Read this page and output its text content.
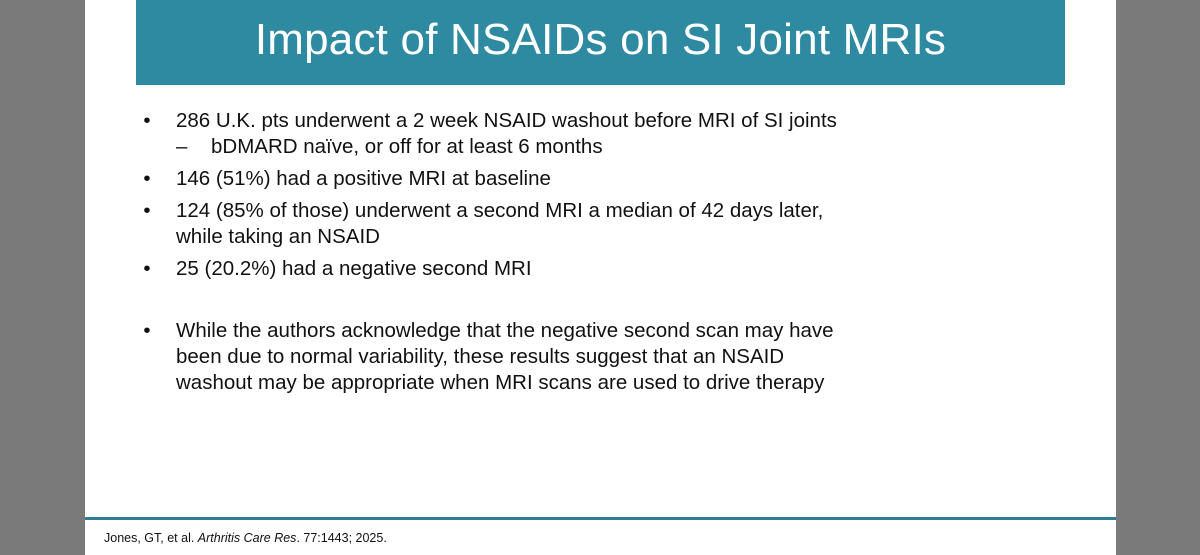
Impact of NSAIDs on SI Joint MRIs
• 286 U.K. pts underwent a 2 week NSAID washout before MRI of SI joints
– bDMARD naïve, or off for at least 6 months
• 146 (51%) had a positive MRI at baseline
• 124 (85% of those) underwent a second MRI a median of 42 days later,
while taking an NSAID
• 25 (20.2%) had a negative second MRI
• While the authors acknowledge that the negative second scan may have
been due to normal variability, these results suggest that an NSAID
washout may be appropriate when MRI scans are used to drive therapy
Jones, GT, et al. Arthritis Care Res. 77:1443; 2025.
